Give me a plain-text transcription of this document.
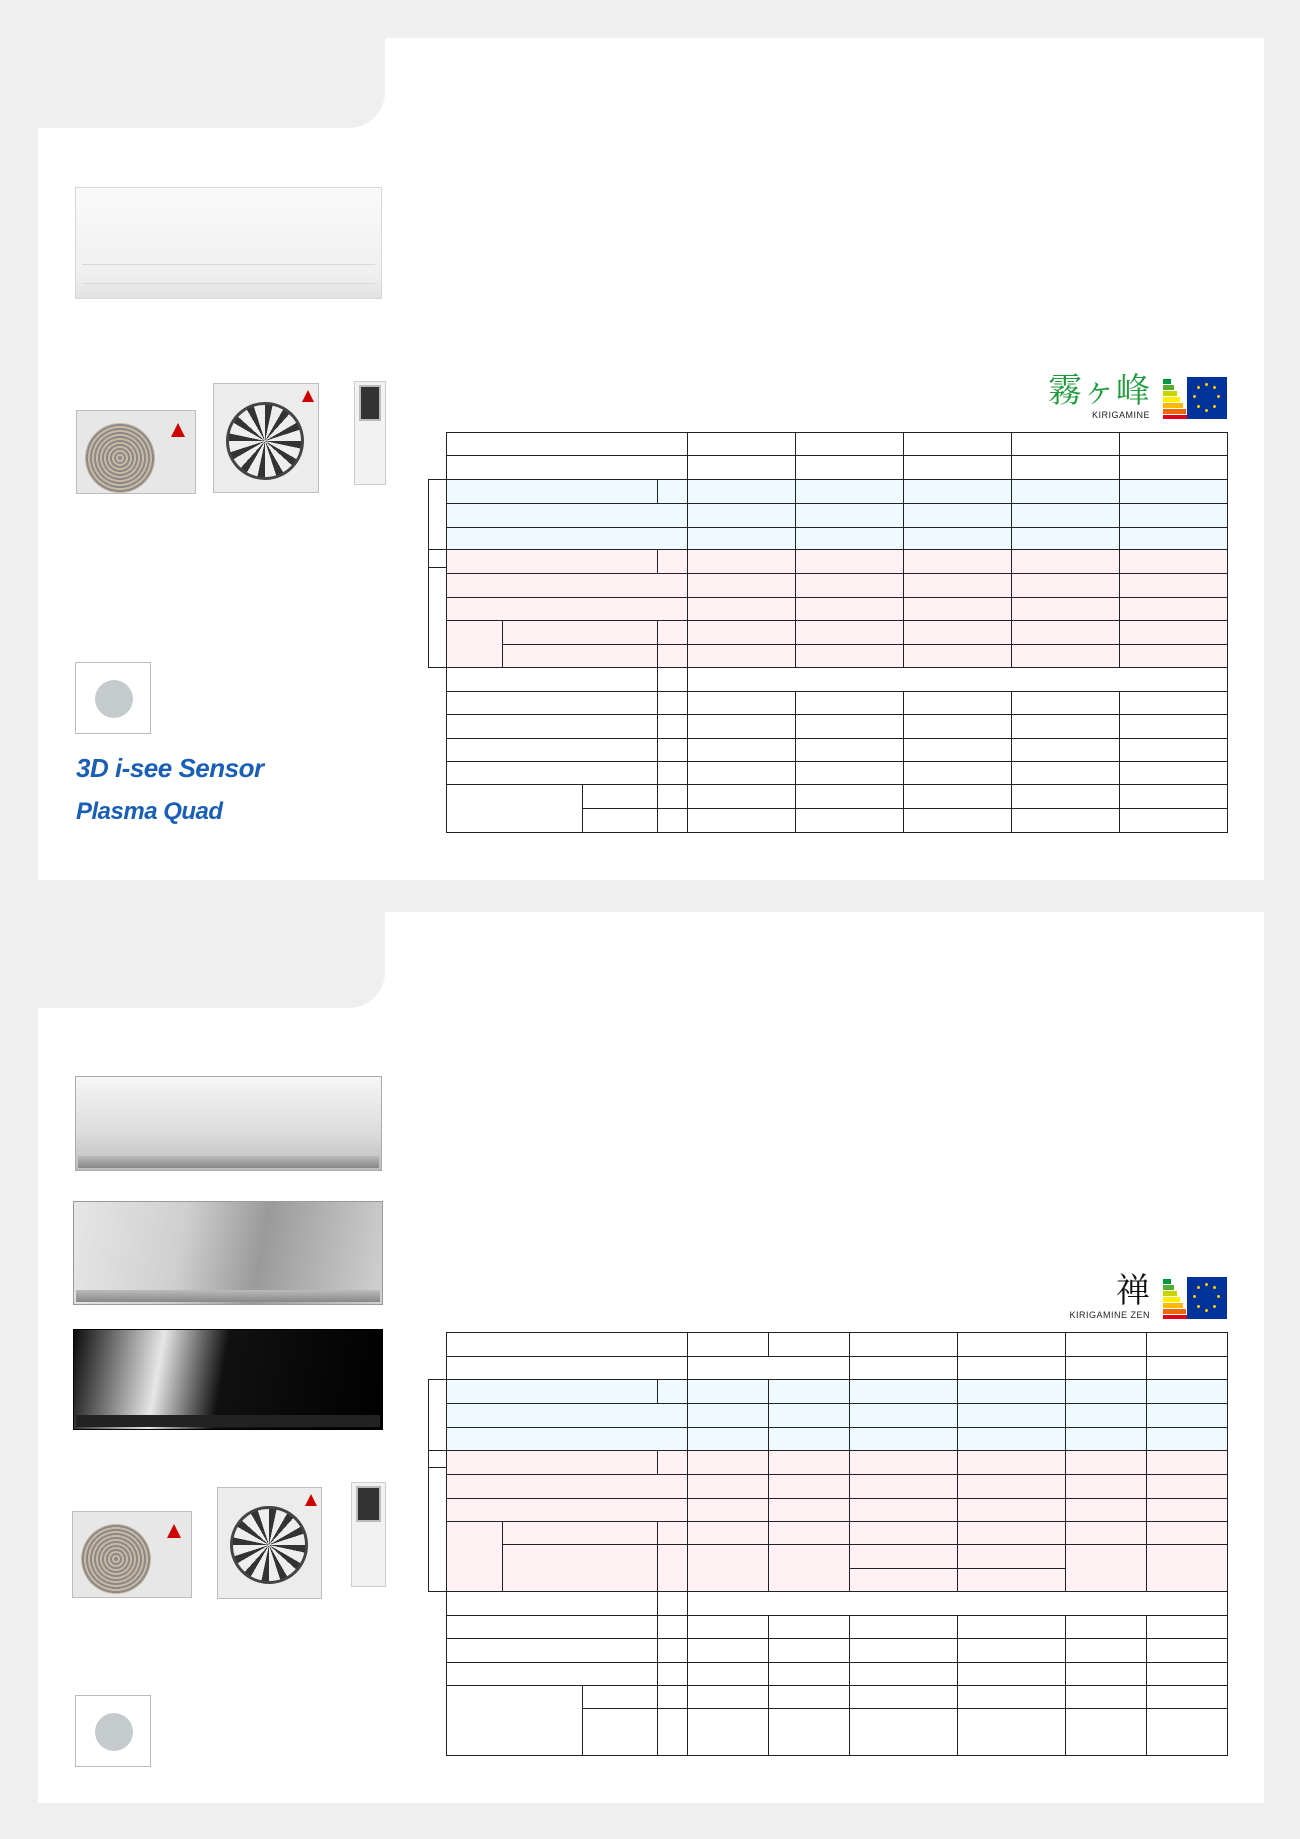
3D i-see Sensor
Plasma Quad
霧ヶ峰
KIRIGAMINE
禅
KIRIGAMINE ZEN
